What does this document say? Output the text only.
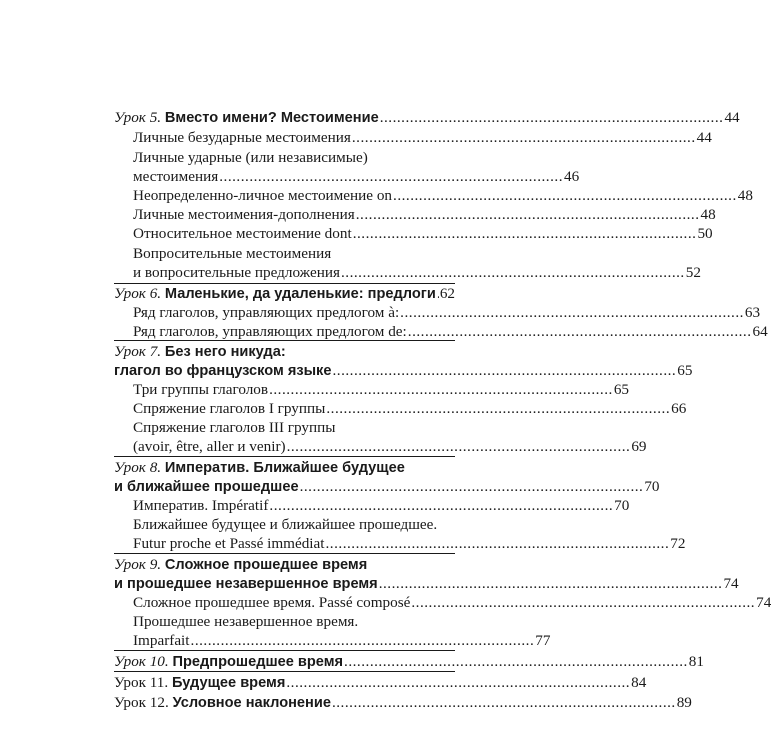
Урок 5. Вместо имени? Местоимение ................................................................................ 44
Личные безударные местоимения ................................................................................ 44
Личные ударные (или независимые)
местоимения ................................................................................ 46
Неопределенно-личное местоимение on ................................................................................ 48
Личные местоимения-дополнения ................................................................................ 48
Относительное местоимение dont ................................................................................ 50
Вопросительные местоимения
и вопросительные предложения ................................................................................ 52
Урок 6. Маленькие, да удаленькие: предлоги 62
Ряд глаголов, управляющих предлогом à: ................................................................................ 63
Ряд глаголов, управляющих предлогом de: ................................................................................ 64
Урок 7. Без него никуда:
глагол во французском языке ................................................................................ 65
Три группы глаголов ................................................................................ 65
Спряжение глаголов I группы ................................................................................ 66
Спряжение глаголов III группы
(avoir, être, aller и venir) ................................................................................ 69
Урок 8. Императив. Ближайшее будущее
и ближайшее прошедшее ................................................................................ 70
Императив. Impératif ................................................................................ 70
Ближайшее будущее и ближайшее прошедшее.
Futur proche et Passé immédiat ................................................................................ 72
Урок 9. Сложное прошедшее время
и прошедшее незавершенное время ................................................................................ 74
Сложное прошедшее время. Passé composé ................................................................................ 74
Прошедшее незавершенное время.
Imparfait ................................................................................ 77
Урок 10. Предпрошедшее время ................................................................................ 81
Урок 11. Будущее время ................................................................................ 84
Урок 12. Условное наклонение ................................................................................ 89
